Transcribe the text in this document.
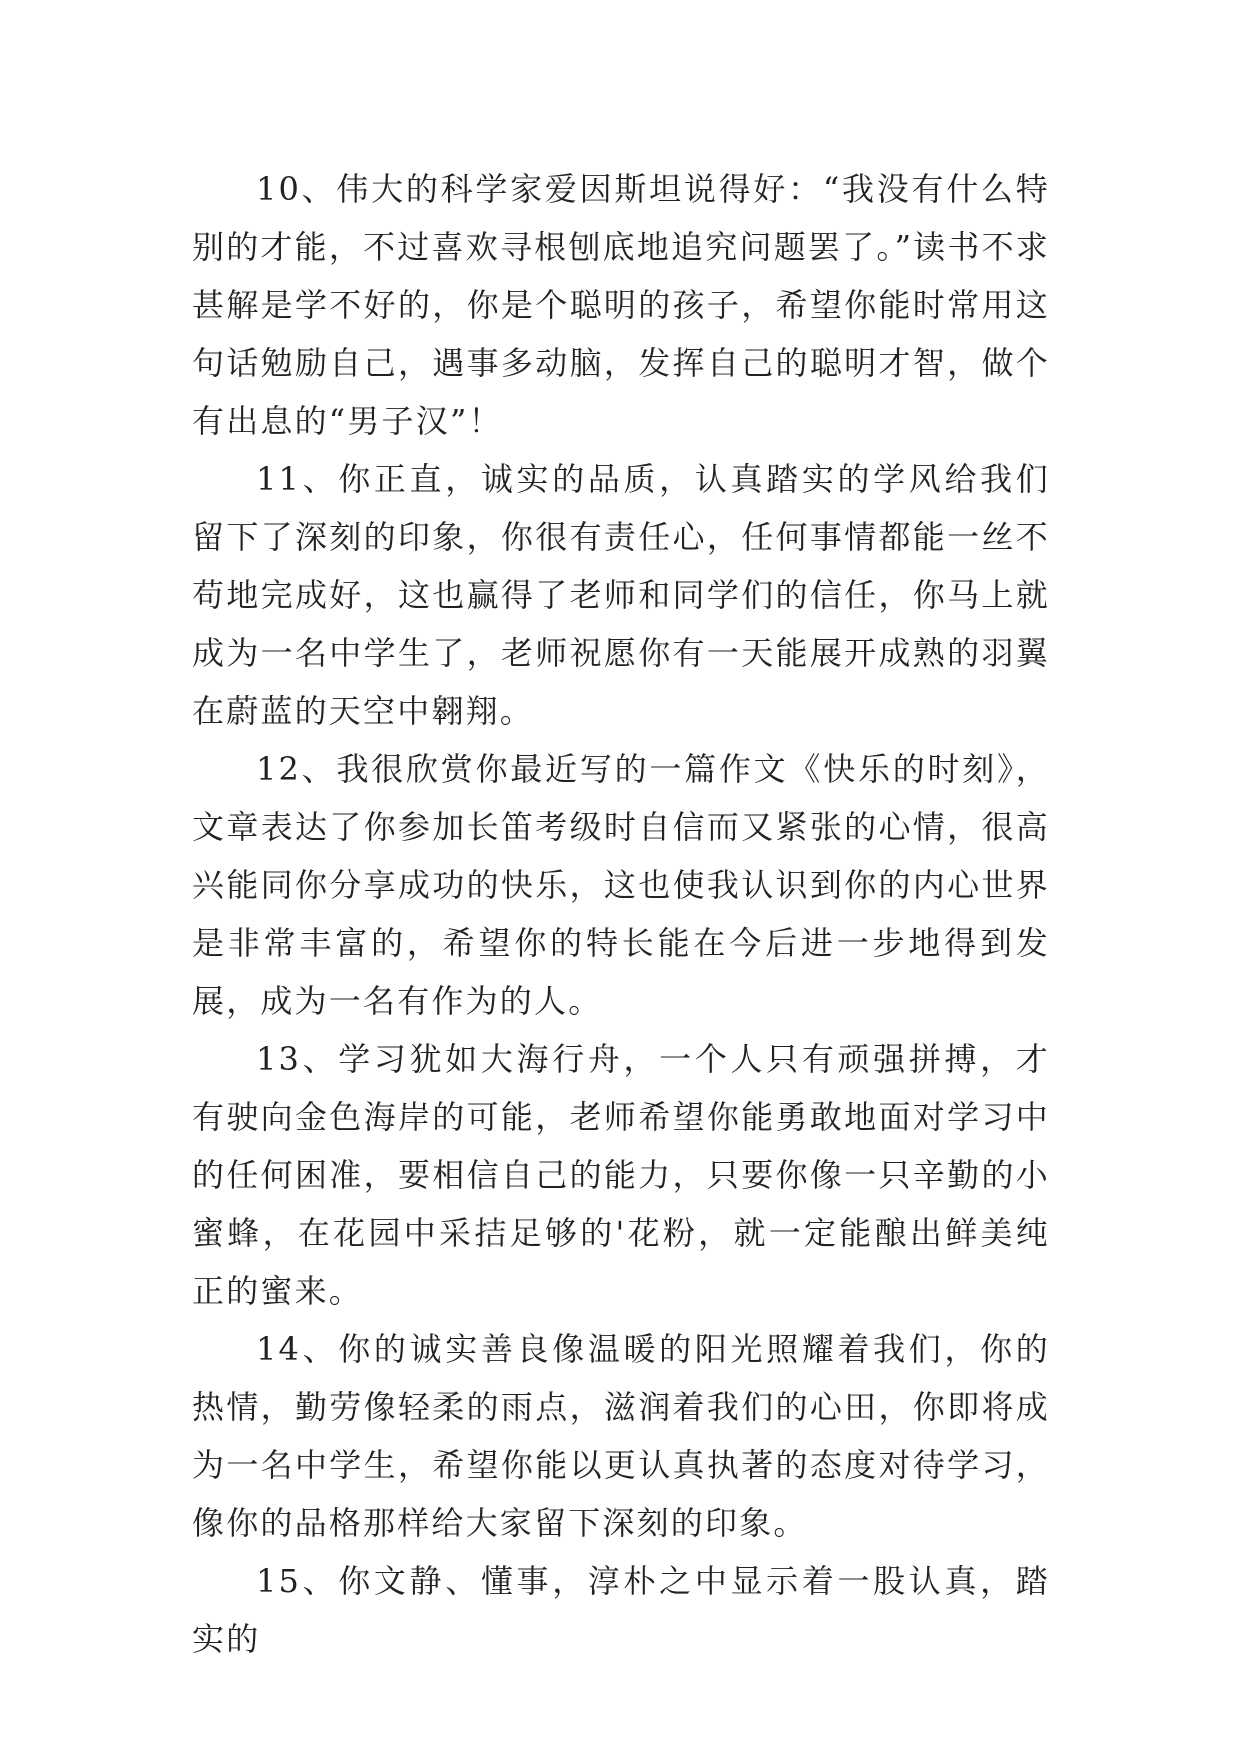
10、伟大的科学家爱因斯坦说得好：“我没有什么特别的才能，不过喜欢寻根刨底地追究问题罢了。”读书不求甚解是学不好的，你是个聪明的孩子，希望你能时常用这句话勉励自己，遇事多动脑，发挥自己的聪明才智，做个有出息的“男子汉”！

11、你正直，诚实的品质，认真踏实的学风给我们留下了深刻的印象，你很有责任心，任何事情都能一丝不苟地完成好，这也赢得了老师和同学们的信任，你马上就成为一名中学生了，老师祝愿你有一天能展开成熟的羽翼在蔚蓝的天空中翱翔。

12、我很欣赏你最近写的一篇作文《快乐的时刻》，文章表达了你参加长笛考级时自信而又紧张的心情，很高兴能同你分享成功的快乐，这也使我认识到你的内心世界是非常丰富的，希望你的特长能在今后进一步地得到发展，成为一名有作为的人。

13、学习犹如大海行舟，一个人只有顽强拼搏，才有驶向金色海岸的可能，老师希望你能勇敢地面对学习中的任何困准，要相信自己的能力，只要你像一只辛勤的小蜜蜂，在花园中采拮足够的'花粉，就一定能酿出鲜美纯正的蜜来。

14、你的诚实善良像温暖的阳光照耀着我们，你的热情，勤劳像轻柔的雨点，滋润着我们的心田，你即将成为一名中学生，希望你能以更认真执著的态度对待学习，像你的品格那样给大家留下深刻的印象。

15、你文静、懂事，淳朴之中显示着一股认真，踏实的
